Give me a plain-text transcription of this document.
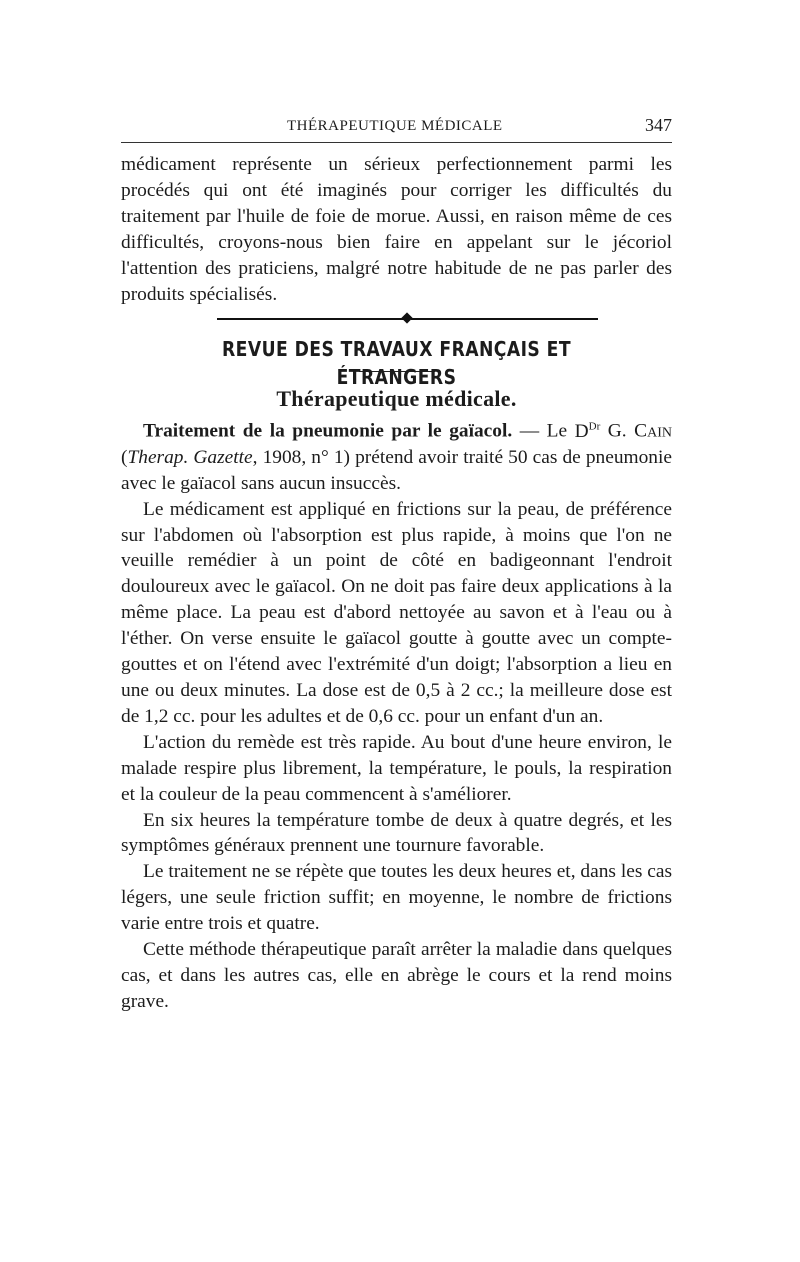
THÉRAPEUTIQUE MÉDICALE	347

médicament représente un sérieux perfectionnement parmi les procédés qui ont été imaginés pour corriger les difficultés du traitement par l'huile de foie de morue. Aussi, en raison même de ces difficultés, croyons-nous bien faire en appelant sur le jécoriol l'attention des praticiens, malgré notre habitude de ne pas parler des produits spécialisés.

REVUE DES TRAVAUX FRANÇAIS ET ÉTRANGERS
Thérapeutique médicale.

Traitement de la pneumonie par le gaïacol. — Le $D^{Dr}$ G. Cain (Therap. Gazette, 1908, n° 1) prétend avoir traité 50 cas de pneumonie avec le gaïacol sans aucun insuccès.

Le médicament est appliqué en frictions sur la peau, de préférence sur l'abdomen où l'absorption est plus rapide, à moins que l'on ne veuille remédier à un point de côté en badigeonnant l'endroit douloureux avec le gaïacol. On ne doit pas faire deux applications à la même place. La peau est d'abord nettoyée au savon et à l'eau ou à l'éther. On verse ensuite le gaïacol goutte à goutte avec un compte-gouttes et on l'étend avec l'extrémité d'un doigt; l'absorption a lieu en une ou deux minutes. La dose est de 0,5 à 2 cc.; la meilleure dose est de 1,2 cc. pour les adultes et de 0,6 cc. pour un enfant d'un an.

L'action du remède est très rapide. Au bout d'une heure environ, le malade respire plus librement, la température, le pouls, la respiration et la couleur de la peau commencent à s'améliorer.

En six heures la température tombe de deux à quatre degrés, et les symptômes généraux prennent une tournure favorable.

Le traitement ne se répète que toutes les deux heures et, dans les cas légers, une seule friction suffit; en moyenne, le nombre de frictions varie entre trois et quatre.

Cette méthode thérapeutique paraît arrêter la maladie dans quelques cas, et dans les autres cas, elle en abrège le cours et la rend moins grave.
